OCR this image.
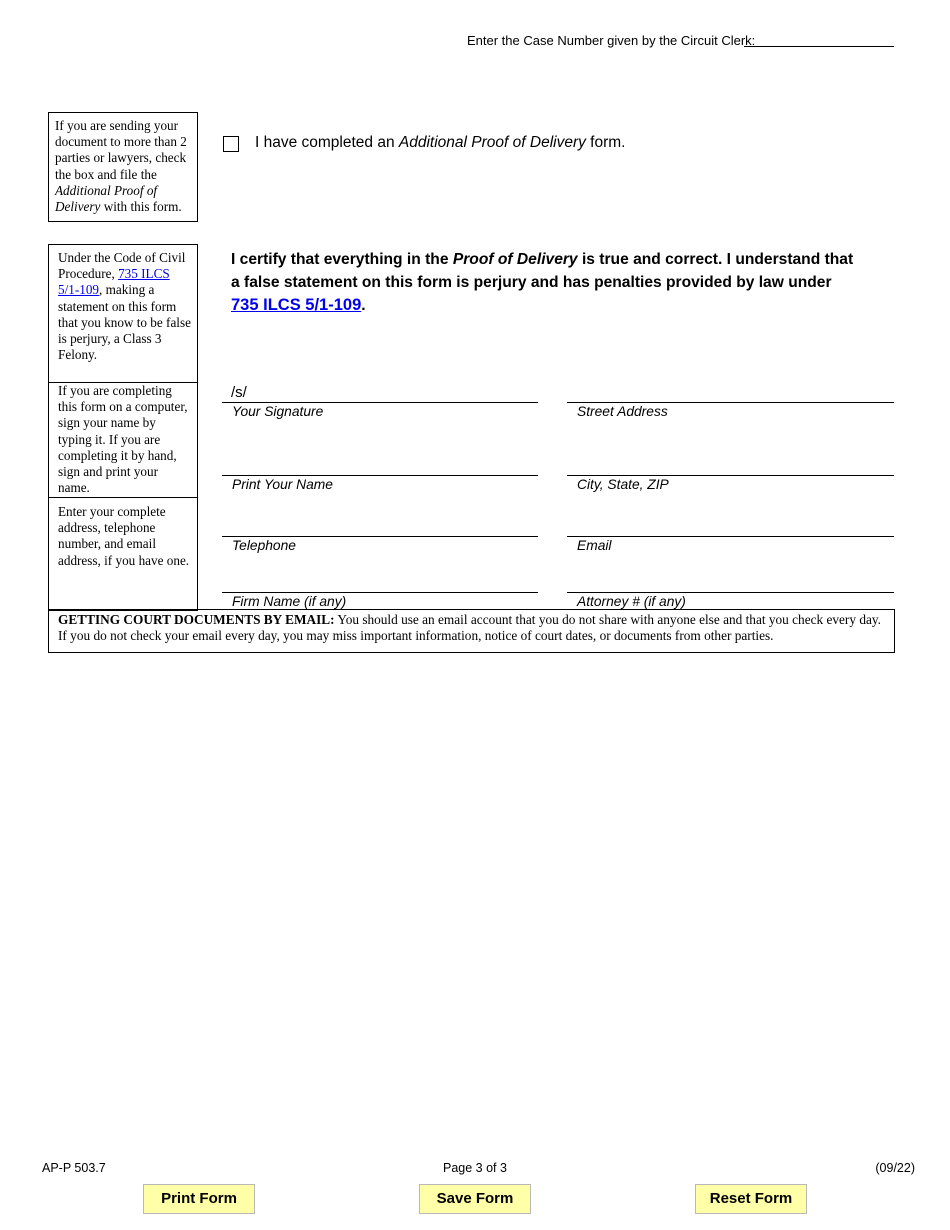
Enter the Case Number given by the Circuit Clerk:
If you are sending your document to more than 2 parties or lawyers, check the box and file the Additional Proof of Delivery with this form.
I have completed an Additional Proof of Delivery form.
Under the Code of Civil Procedure, 735 ILCS 5/1-109, making a statement on this form that you know to be false is perjury, a Class 3 Felony.
I certify that everything in the Proof of Delivery is true and correct. I understand that a false statement on this form is perjury and has penalties provided by law under 735 ILCS 5/1-109.
If you are completing this form on a computer, sign your name by typing it. If you are completing it by hand, sign and print your name.
Enter your complete address, telephone number, and email address, if you have one.
/s/
Your Signature	Street Address
Print Your Name	City, State, ZIP
Telephone	Email
Firm Name (if any)	Attorney # (if any)
GETTING COURT DOCUMENTS BY EMAIL: You should use an email account that you do not share with anyone else and that you check every day. If you do not check your email every day, you may miss important information, notice of court dates, or documents from other parties.
AP-P 503.7	Page 3 of 3	(09/22)
Print Form	Save Form	Reset Form
